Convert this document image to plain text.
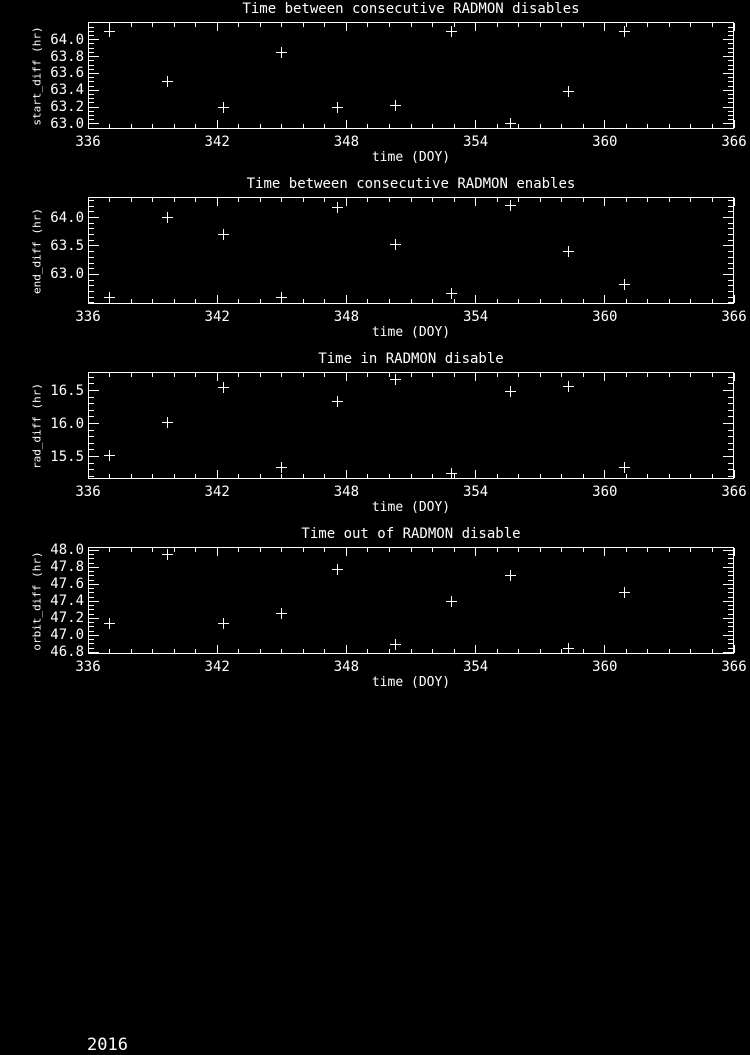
Time between consecutive RADMON disables
start_diff (hr) 63.0
63.2
63.4
63.6
63.8
64.0
336	342	348	354	360	366
time (DOY)
Time between consecutive RADMON enables
end_diff (hr) 63.0
63.5
64.0
336	342	348	354	360	366
time (DOY)
Time in RADMON disable
rad_diff (hr) 15.5
16.0
16.5
336	342	348	354	360	366
time (DOY)
Time out of RADMON disable
orbit_diff (hr)
46.8
47.0
47.2
47.4
47.6
47.8
48.0
336	342	348	354	360	366
time (DOY)
2016
